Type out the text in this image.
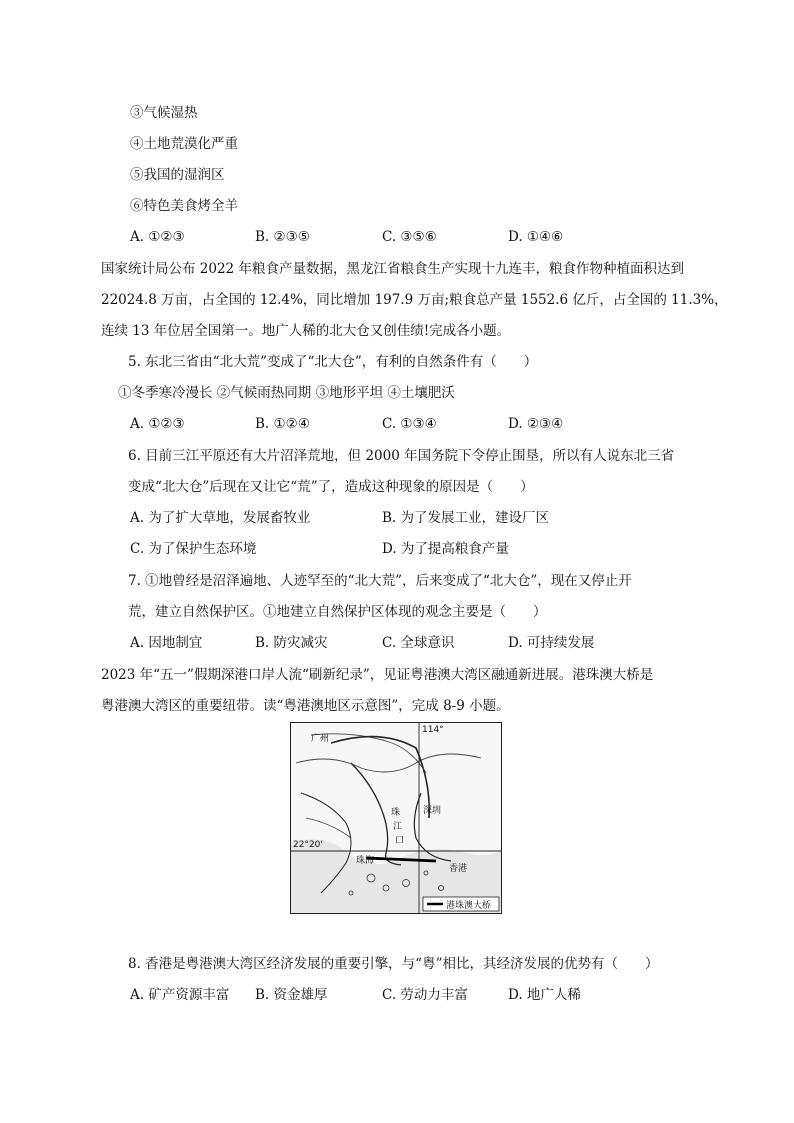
③气候湿热
④土地荒漠化严重
⑤我国的湿润区
⑥特色美食烤全羊
A. ①②③	B. ②③⑤	C. ③⑤⑥	D. ①④⑥
国家统计局公布 2022 年粮食产量数据，黑龙江省粮食生产实现十九连丰，粮食作物种植面积达到
22024.8 万亩，占全国的 12.4%，同比增加 197.9 万亩;粮食总产量 1552.6 亿斤，占全国的 11.3%，
连续 13 年位居全国第一。地广人稀的北大仓又创佳绩!完成各小题。
5. 东北三省由“北大荒”变成了“北大仓”，有利的自然条件有（　　）
①冬季寒冷漫长 ②气候雨热同期 ③地形平坦 ④土壤肥沃
A. ①②③	B. ①②④	C. ①③④	D. ②③④
6. 目前三江平原还有大片沼泽荒地，但 2000 年国务院下令停止围垦，所以有人说东北三省
变成“北大仓”后现在又让它“荒”了，造成这种现象的原因是（　　）
A. 为了扩大草地，发展畜牧业	B. 为了发展工业，建设厂区
C. 为了保护生态环境	D. 为了提高粮食产量
7. ①地曾经是沼泽遍地、人迹罕至的“北大荒”，后来变成了“北大仓”，现在又停止开
荒，建立自然保护区。①地建立自然保护区体现的观念主要是（　　）
A. 因地制宜	B. 防灾减灾	C. 全球意识	D. 可持续发展
2023 年“五一”假期深港口岸人流“刷新纪录”，见证粤港澳大湾区融通新进展。港珠澳大桥是
粤港澳大湾区的重要纽带。读“粤港澳地区示意图”，完成 8-9 小题。
广州
深圳
珠
江
口
珠海
香港
22°20'
114°
港珠澳大桥
8. 香港是粤港澳大湾区经济发展的重要引擎，与“粤”相比，其经济发展的优势有（　　）
A. 矿产资源丰富 B. 资金雄厚	C. 劳动力丰富	D. 地广人稀
